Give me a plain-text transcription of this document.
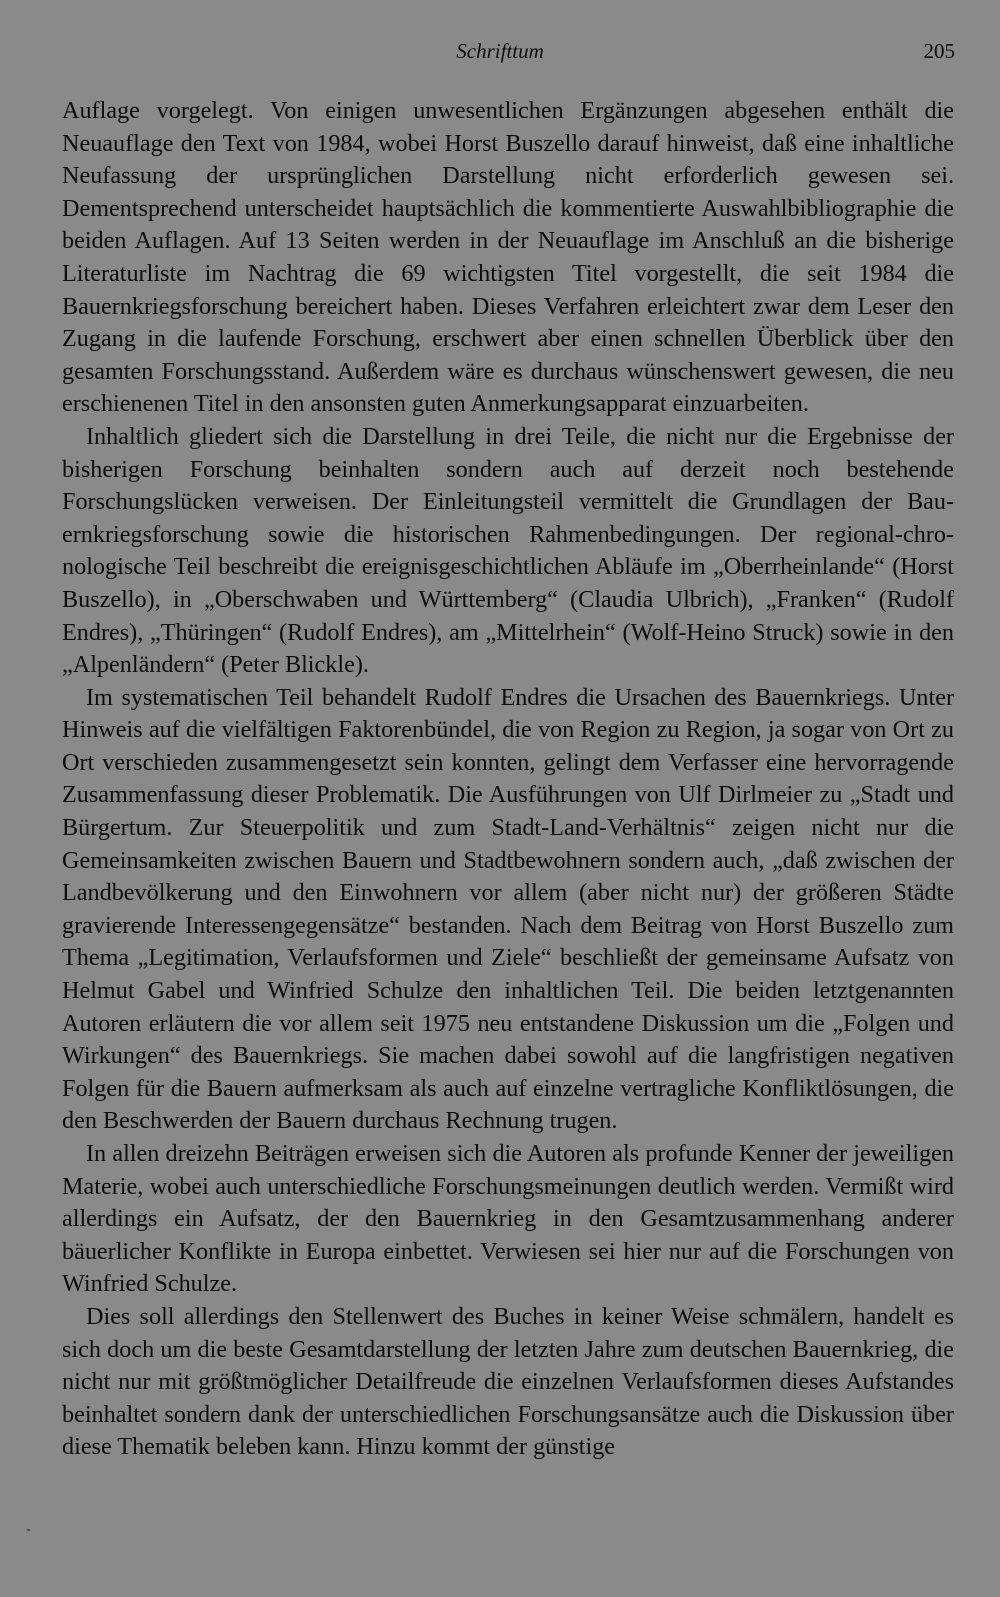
Schrifttum	205

Auflage vorgelegt. Von einigen unwesentlichen Ergänzungen abgesehen enthält die Neuauflage den Text von 1984, wobei Horst Buszello darauf hinweist, daß eine inhaltliche Neufassung der ursprünglichen Darstellung nicht erforderlich gewesen sei. Dementsprechend unterscheidet hauptsächlich die kommentierte Auswahlbibliographie die beiden Auflagen. Auf 13 Seiten werden in der Neuauflage im Anschluß an die bisherige Literaturliste im Nachtrag die 69 wichtigsten Titel vorgestellt, die seit 1984 die Bauernkriegsforschung bereichert haben. Dieses Verfahren erleichtert zwar dem Leser den Zugang in die laufende Forschung, erschwert aber einen schnellen Überblick über den gesamten Forschungsstand. Außerdem wäre es durchaus wünschenswert gewesen, die neu erschienenen Titel in den ansonsten guten Anmerkungsapparat einzuarbeiten.

Inhaltlich gliedert sich die Darstellung in drei Teile, die nicht nur die Ergebnisse der bisherigen Forschung beinhalten sondern auch auf derzeit noch bestehende Forschungslücken verweisen. Der Einleitungsteil vermittelt die Grundlagen der Bauernkriegsforschung sowie die historischen Rahmenbedingungen. Der regional-chronologische Teil beschreibt die ereignisgeschichtlichen Abläufe im „Oberrheinlande“ (Horst Buszello), in „Oberschwaben und Württemberg“ (Claudia Ulbrich), „Franken“ (Rudolf Endres), „Thüringen“ (Rudolf Endres), am „Mittelrhein“ (Wolf-Heino Struck) sowie in den „Alpenländern“ (Peter Blickle).

Im systematischen Teil behandelt Rudolf Endres die Ursachen des Bauernkriegs. Unter Hinweis auf die vielfältigen Faktorenbündel, die von Region zu Region, ja sogar von Ort zu Ort verschieden zusammengesetzt sein konnten, gelingt dem Verfasser eine hervorragende Zusammenfassung dieser Problematik. Die Ausführungen von Ulf Dirlmeier zu „Stadt und Bürgertum. Zur Steuerpolitik und zum Stadt-Land-Verhältnis“ zeigen nicht nur die Gemeinsamkeiten zwischen Bauern und Stadtbewohnern sondern auch, „daß zwischen der Landbevölkerung und den Einwohnern vor allem (aber nicht nur) der größeren Städte gravierende Interessengegensätze“ bestanden. Nach dem Beitrag von Horst Buszello zum Thema „Legitimation, Verlaufsformen und Ziele“ beschließt der gemeinsame Aufsatz von Helmut Gabel und Winfried Schulze den inhaltlichen Teil. Die beiden letztgenannten Autoren erläutern die vor allem seit 1975 neu entstandene Diskussion um die „Folgen und Wirkungen“ des Bauernkriegs. Sie machen dabei sowohl auf die langfristigen negativen Folgen für die Bauern aufmerksam als auch auf einzelne vertragliche Konfliktlösungen, die den Beschwerden der Bauern durchaus Rechnung trugen.

In allen dreizehn Beiträgen erweisen sich die Autoren als profunde Kenner der jeweiligen Materie, wobei auch unterschiedliche Forschungsmeinungen deutlich werden. Vermißt wird allerdings ein Aufsatz, der den Bauernkrieg in den Gesamtzusammenhang anderer bäuerlicher Konflikte in Europa einbettet. Verwiesen sei hier nur auf die Forschungen von Winfried Schulze.

Dies soll allerdings den Stellenwert des Buches in keiner Weise schmälern, handelt es sich doch um die beste Gesamtdarstellung der letzten Jahre zum deutschen Bauernkrieg, die nicht nur mit größtmöglicher Detailfreude die einzelnen Verlaufsformen dieses Aufstandes beinhaltet sondern dank der unterschiedlichen Forschungsansätze auch die Diskussion über diese Thematik beleben kann. Hinzu kommt der günstige

-
